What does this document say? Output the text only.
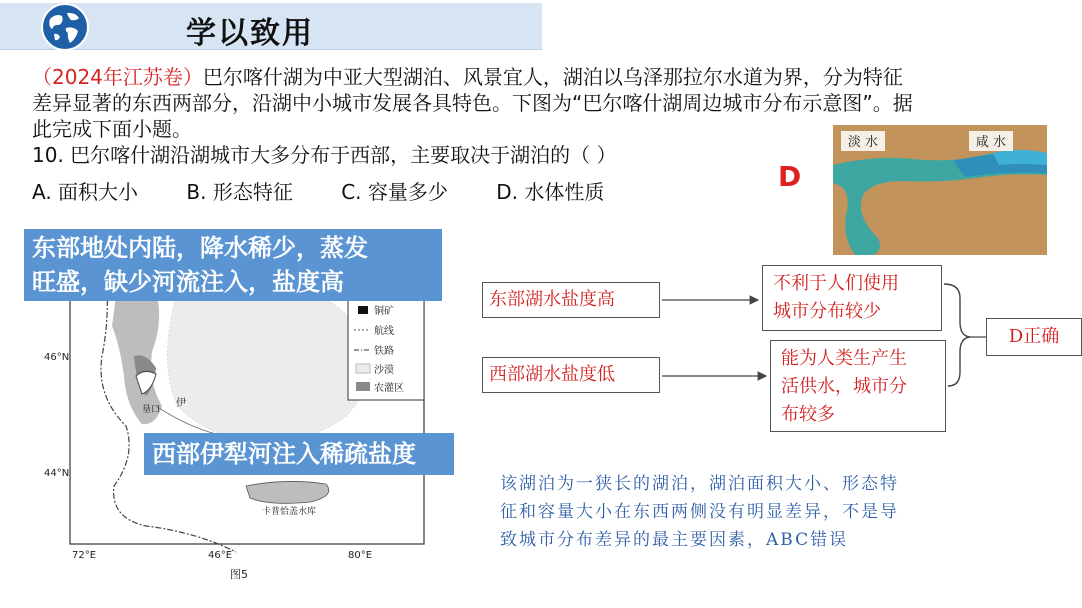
学以致用
（2024年江苏卷）巴尔喀什湖为中亚大型湖泊、风景宜人，湖泊以乌泽那拉尔水道为界，分为特征
差异显著的东西两部分，沿湖中小城市发展各具特色。下图为“巴尔喀什湖周边城市分布示意图”。据
此完成下面小题。
10. 巴尔喀什湖沿湖城市大多分布于西部，主要取决于湖泊的（ ）
A. 面积大小 B. 形态特征 C. 容量多少 D. 水体性质	D
淡 水	咸 水
铜矿
航线
铁路
沙漠
农灌区
伊
垦口
卡普恰盖水库
46°N
44°N
72°E	46°E	80°E
图5
东部地处内陆，降水稀少，蒸发
旺盛，缺少河流注入，盐度高
西部伊犁河注入稀疏盐度
东部湖水盐度高
西部湖水盐度低
不利于人们使用
城市分布较少
能为人类生产生
活供水，城市分
布较多
D正确
该湖泊为一狭长的湖泊，湖泊面积大小、形态特
征和容量大小在东西两侧没有明显差异，不是导
致城市分布差异的最主要因素，ABC错误
